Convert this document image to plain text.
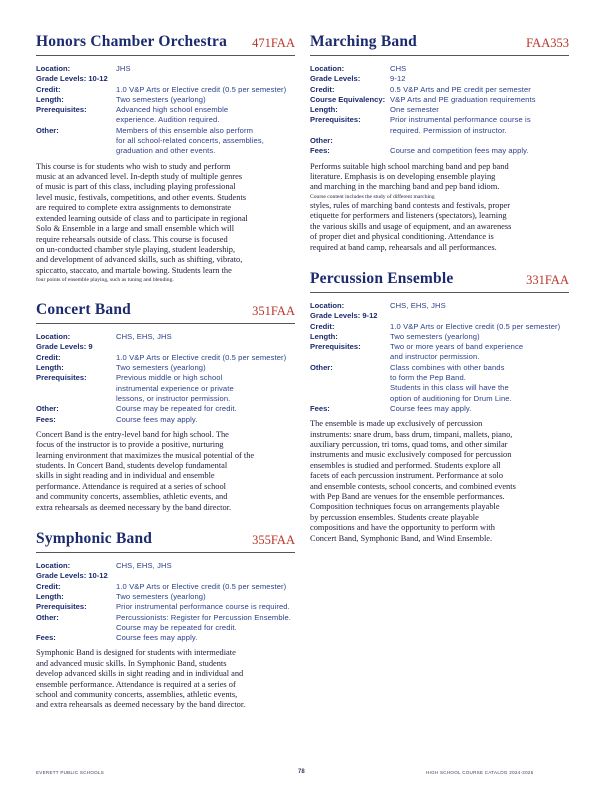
Honors Chamber Orchestra 471FAA
Location:	JHS
Grade Levels: 10-12	
Credit:	1.0 V&P Arts or Elective credit (0.5 per semester)
Length:	Two semesters (yearlong)
Prerequisites:	Advanced high school ensemble
experience. Audition required.
Other:	Members of this ensemble also perform
for all school-related concerts, assemblies,
graduation and other events.

This course is for students who wish to study and perform
music at an advanced level. In-depth study of multiple genres
of music is part of this class, including playing professional
level music, festivals, competitions, and other events. Students
are required to complete extra assignments to demonstrate
extended learning outside of class and to participate in regional
Solo & Ensemble in a large and small ensemble which will
require rehearsals outside of class. This course is focused
on un-conducted chamber style playing, student leadership,
and development of advanced skills, such as shifting, vibrato,
spiccatto, staccato, and martale bowing. Students learn the
four points of ensemble playing, such as tuning and blending.

Concert Band	351FAA
Location:	CHS, EHS, JHS
Grade Levels: 9	
Credit:	1.0 V&P Arts or Elective credit (0.5 per semester)
Length:	Two semesters (yearlong)
Prerequisites:	Previous middle or high school
instrumental experience or private
lessons, or instructor permission.
Other:	Course may be repeated for credit.
Fees:	Course fees may apply.

Concert Band is the entry-level band for high school. The
focus of the instructor is to provide a positive, nurturing
learning environment that maximizes the musical potential of the
students. In Concert Band, students develop fundamental
skills in sight reading and in individual and ensemble
performance. Attendance is required at a series of school
and community concerts, assemblies, athletic events, and
extra rehearsals as deemed necessary by the band director.

Symphonic Band	355FAA
Location:	CHS, EHS, JHS
Grade Levels: 10-12	
Credit:	1.0 V&P Arts or Elective credit (0.5 per semester)
Length:	Two semesters (yearlong)
Prerequisites:	Prior instrumental performance course is required.
Other:	Percussionists: Register for Percussion Ensemble.
Course may be repeated for credit.
Fees:	Course fees may apply.

Symphonic Band is designed for students with intermediate
and advanced music skills. In Symphonic Band, students
develop advanced skills in sight reading and in individual and
ensemble performance. Attendance is required at a series of
school and community concerts, assemblies, athletic events,
and extra rehearsals as deemed necessary by the band director.

Marching Band	FAA353
Location:	CHS
Grade Levels:	9-12
Credit:	0.5 V&P Arts and PE credit per semester
Course Equivalency:	V&P Arts and PE graduation requirements
Length:	One semester
Prerequisites:	Prior instrumental performance course is
required. Permission of instructor.
Other:	
Fees:	Course and competition fees may apply.

Performs suitable high school marching band and pep band
literature. Emphasis is on developing ensemble playing
and marching in the marching band and pep band idiom.
Course content includes the study of different marching
styles, rules of marching band contests and festivals, proper
etiquette for performers and listeners (spectators), learning
the various skills and usage of equipment, and an awareness
of proper diet and physical conditioning. Attendance is
required at band camp, rehearsals and all performances.

Percussion Ensemble	331FAA
Location:	CHS, EHS, JHS
Grade Levels: 9-12	
Credit:	1.0 V&P Arts or Elective credit (0.5 per semester)
Length:	Two semesters (yearlong)
Prerequisites:	Two or more years of band experience
and instructor permission.
Other:	Class combines with other bands
to form the Pep Band.
Students in this class will have the
option of auditioning for Drum Line.
Fees:	Course fees may apply.

The ensemble is made up exclusively of percussion
instruments: snare drum, bass drum, timpani, mallets, piano,
auxiliary percussion, tri toms, quad toms, and other similar
instruments and music exclusively composed for percussion
ensembles is studied and performed. Students explore all
facets of each percussion instrument. Performance at solo
and ensemble contests, school concerts, and combined events
with Pep Band are venues for the ensemble performances.
Composition techniques focus on arrangements playable
by percussion ensembles. Students create playable
compositions and have the opportunity to perform with
Concert Band, Symphonic Band, and Wind Ensemble.

EVERETT PUBLIC SCHOOLS	78	HIGH SCHOOL COURSE CATALOG 2024-2025
